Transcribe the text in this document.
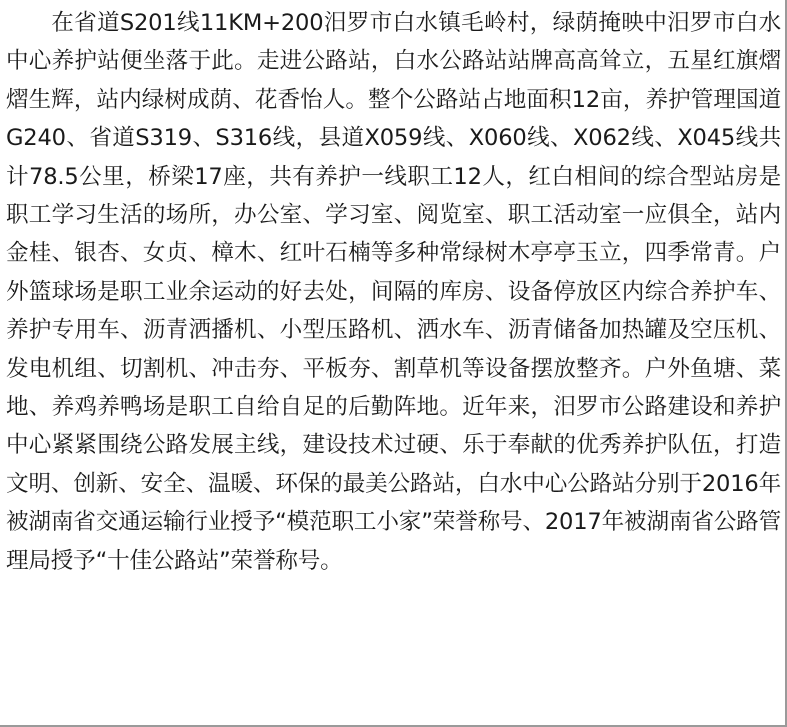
在省道S201线11KM+200汨罗市白水镇毛岭村，绿荫掩映中汨罗市白水中心养护站便坐落于此。走进公路站，白水公路站站牌高高耸立，五星红旗熠熠生辉，站内绿树成荫、花香怡人。整个公路站占地面积12亩，养护管理国道G240、省道S319、S316线，县道X059线、X060线、X062线、X045线共计78.5公里，桥梁17座，共有养护一线职工12人，红白相间的综合型站房是职工学习生活的场所，办公室、学习室、阅览室、职工活动室一应俱全，站内金桂、银杏、女贞、樟木、红叶石楠等多种常绿树木亭亭玉立，四季常青。户外篮球场是职工业余运动的好去处，间隔的库房、设备停放区内综合养护车、养护专用车、沥青洒播机、小型压路机、洒水车、沥青储备加热罐及空压机、发电机组、切割机、冲击夯、平板夯、割草机等设备摆放整齐。户外鱼塘、菜地、养鸡养鸭场是职工自给自足的后勤阵地。近年来，汨罗市公路建设和养护中心紧紧围绕公路发展主线，建设技术过硬、乐于奉献的优秀养护队伍，打造文明、创新、安全、温暖、环保的最美公路站，白水中心公路站分别于2016年被湖南省交通运输行业授予“模范职工小家”荣誉称号、2017年被湖南省公路管理局授予“十佳公路站”荣誉称号。
